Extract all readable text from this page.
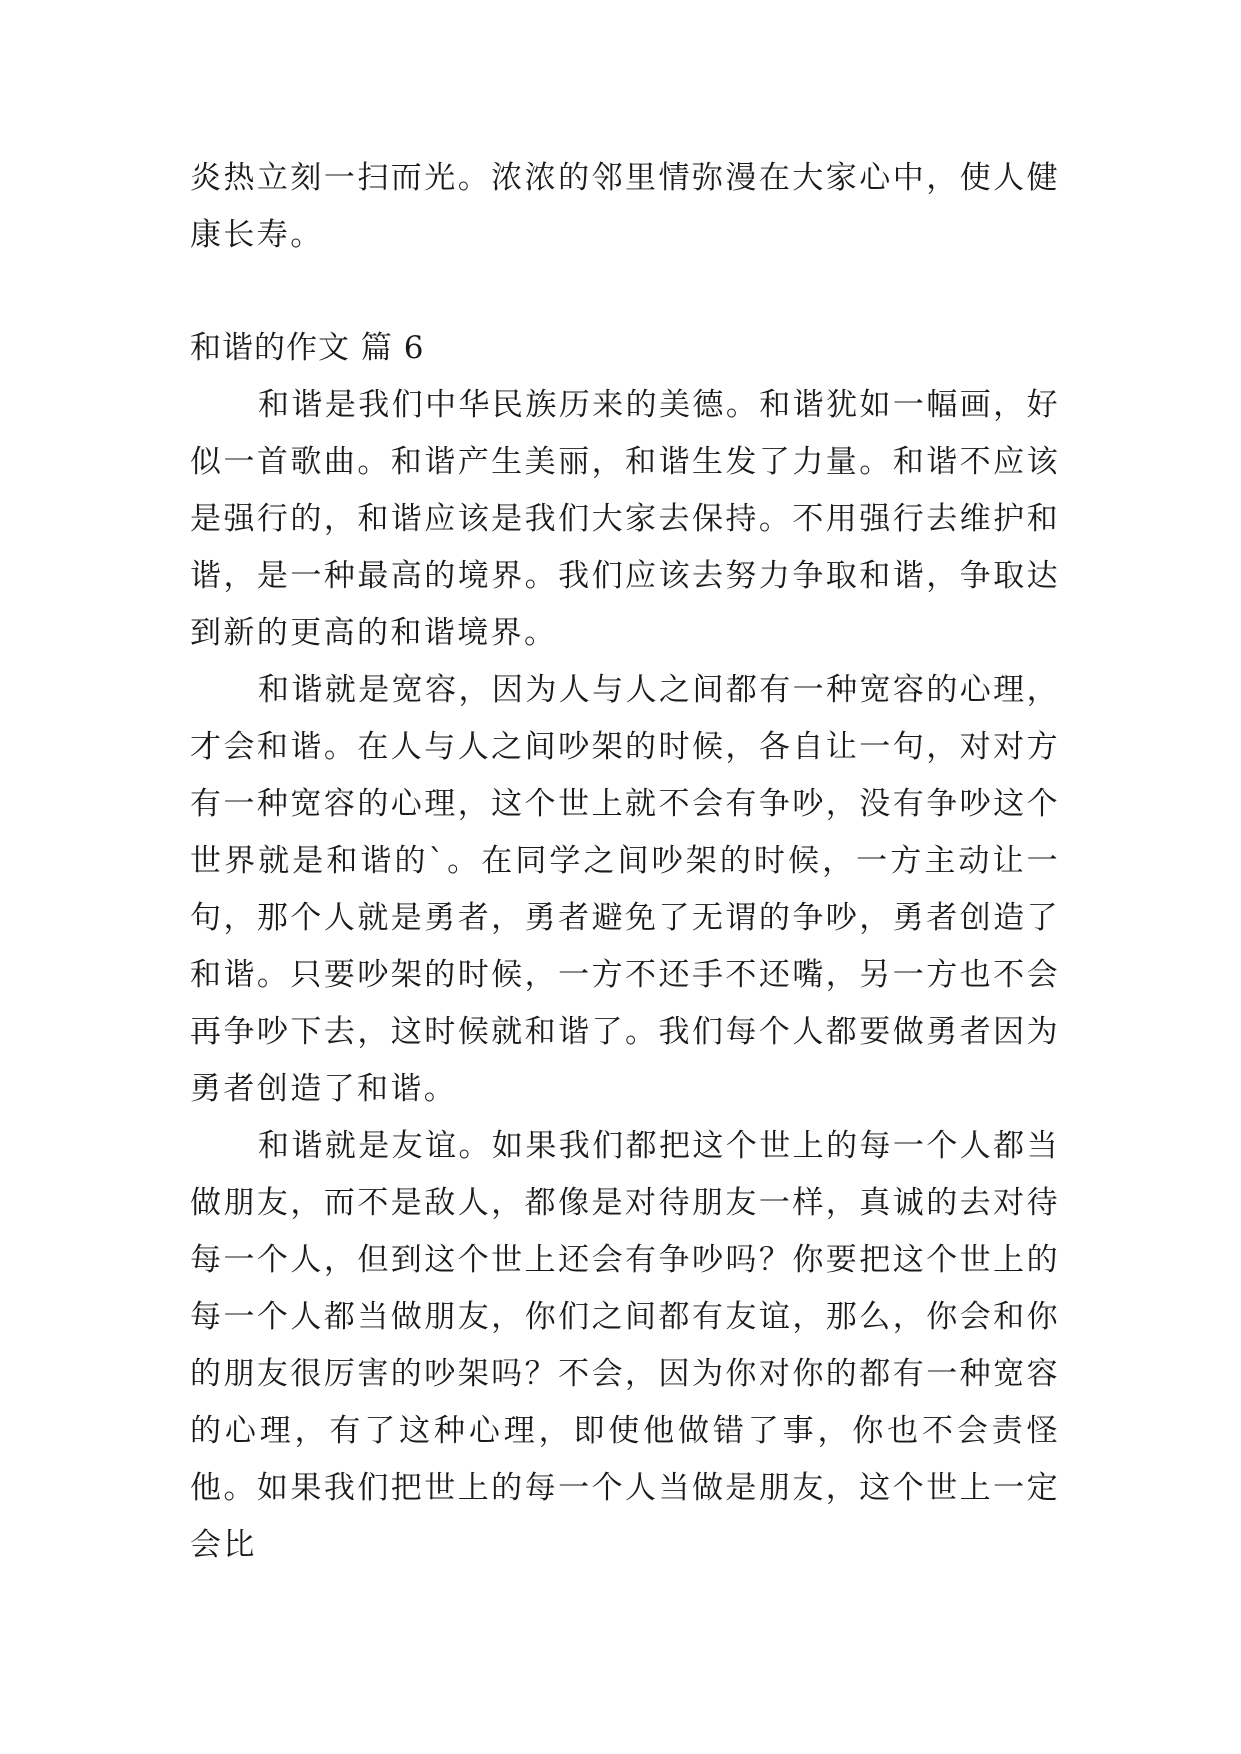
炎热立刻一扫而光。浓浓的邻里情弥漫在大家心中，使人健康长寿。

和谐的作文 篇 6

和谐是我们中华民族历来的美德。和谐犹如一幅画，好似一首歌曲。和谐产生美丽，和谐生发了力量。和谐不应该是强行的，和谐应该是我们大家去保持。不用强行去维护和谐，是一种最高的境界。我们应该去努力争取和谐，争取达到新的更高的和谐境界。

和谐就是宽容，因为人与人之间都有一种宽容的心理，才会和谐。在人与人之间吵架的时候，各自让一句，对对方有一种宽容的心理，这个世上就不会有争吵，没有争吵这个世界就是和谐的`。在同学之间吵架的时候，一方主动让一句，那个人就是勇者，勇者避免了无谓的争吵，勇者创造了和谐。只要吵架的时候，一方不还手不还嘴，另一方也不会再争吵下去，这时候就和谐了。我们每个人都要做勇者因为勇者创造了和谐。

和谐就是友谊。如果我们都把这个世上的每一个人都当做朋友，而不是敌人，都像是对待朋友一样，真诚的去对待每一个人，但到这个世上还会有争吵吗？你要把这个世上的每一个人都当做朋友，你们之间都有友谊，那么，你会和你的朋友很厉害的吵架吗？不会，因为你对你的都有一种宽容的心理，有了这种心理，即使他做错了事，你也不会责怪他。如果我们把世上的每一个人当做是朋友，这个世上一定会比
